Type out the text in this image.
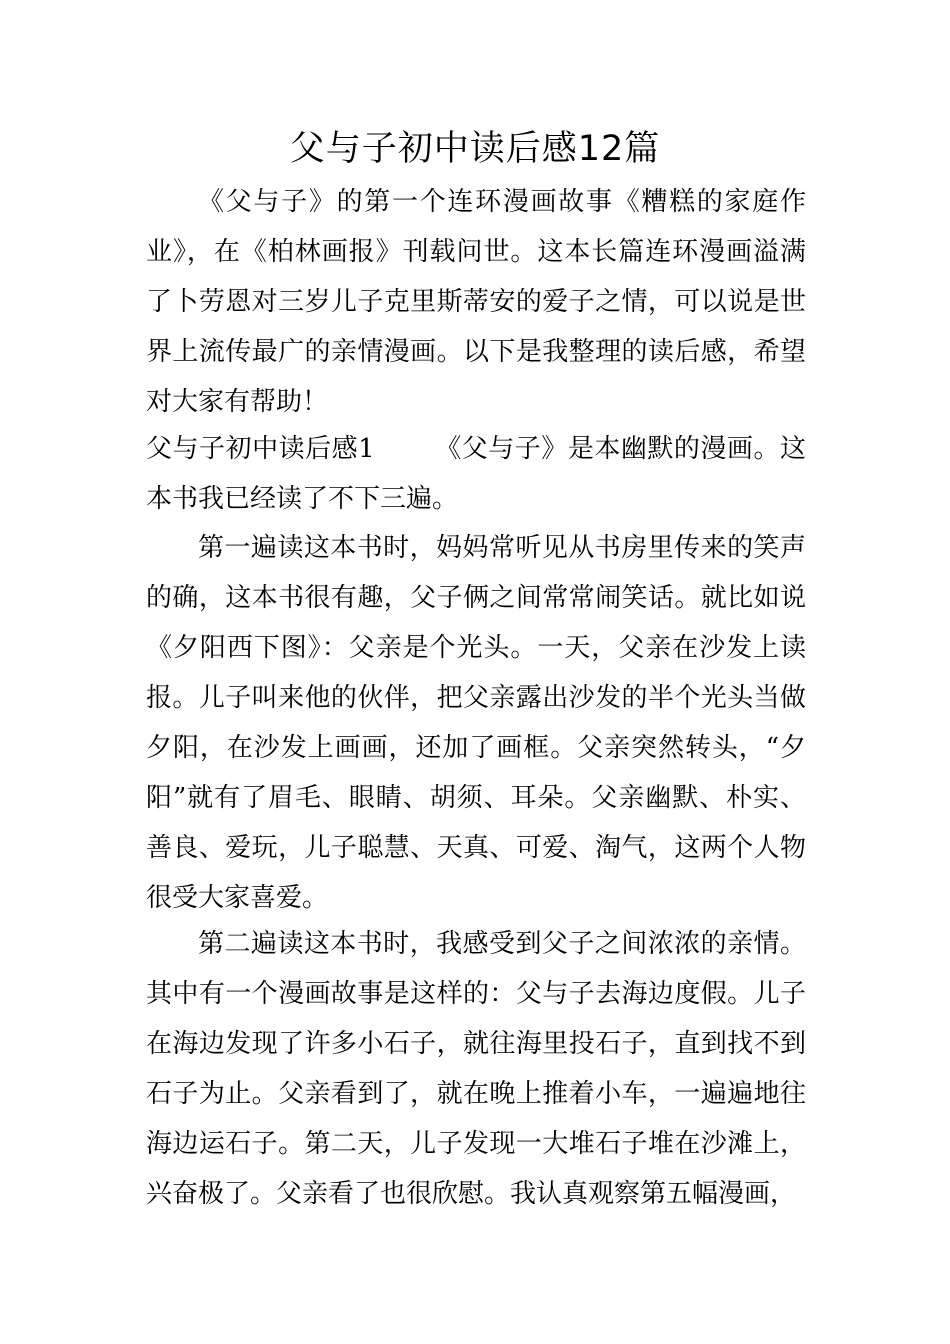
父与子初中读后感12篇

《父与子》的第一个连环漫画故事《糟糕的家庭作业》，在《柏林画报》刊载问世。这本长篇连环漫画溢满了卜劳恩对三岁儿子克里斯蒂安的爱子之情，可以说是世界上流传最广的亲情漫画。以下是我整理的读后感，希望对大家有帮助！

父与子初中读后感1 《父与子》是本幽默的漫画。这本书我已经读了不下三遍。

第一遍读这本书时，妈妈常听见从书房里传来的笑声的确，这本书很有趣，父子俩之间常常闹笑话。就比如说《夕阳西下图》：父亲是个光头。一天，父亲在沙发上读报。儿子叫来他的伙伴，把父亲露出沙发的半个光头当做夕阳，在沙发上画画，还加了画框。父亲突然转头，“夕阳”就有了眉毛、眼睛、胡须、耳朵。父亲幽默、朴实、善良、爱玩，儿子聪慧、天真、可爱、淘气，这两个人物很受大家喜爱。

第二遍读这本书时，我感受到父子之间浓浓的亲情。其中有一个漫画故事是这样的：父与子去海边度假。儿子在海边发现了许多小石子，就往海里投石子，直到找不到石子为止。父亲看到了，就在晚上推着小车，一遍遍地往海边运石子。第二天，儿子发现一大堆石子堆在沙滩上，兴奋极了。父亲看了也很欣慰。我认真观察第五幅漫画，
